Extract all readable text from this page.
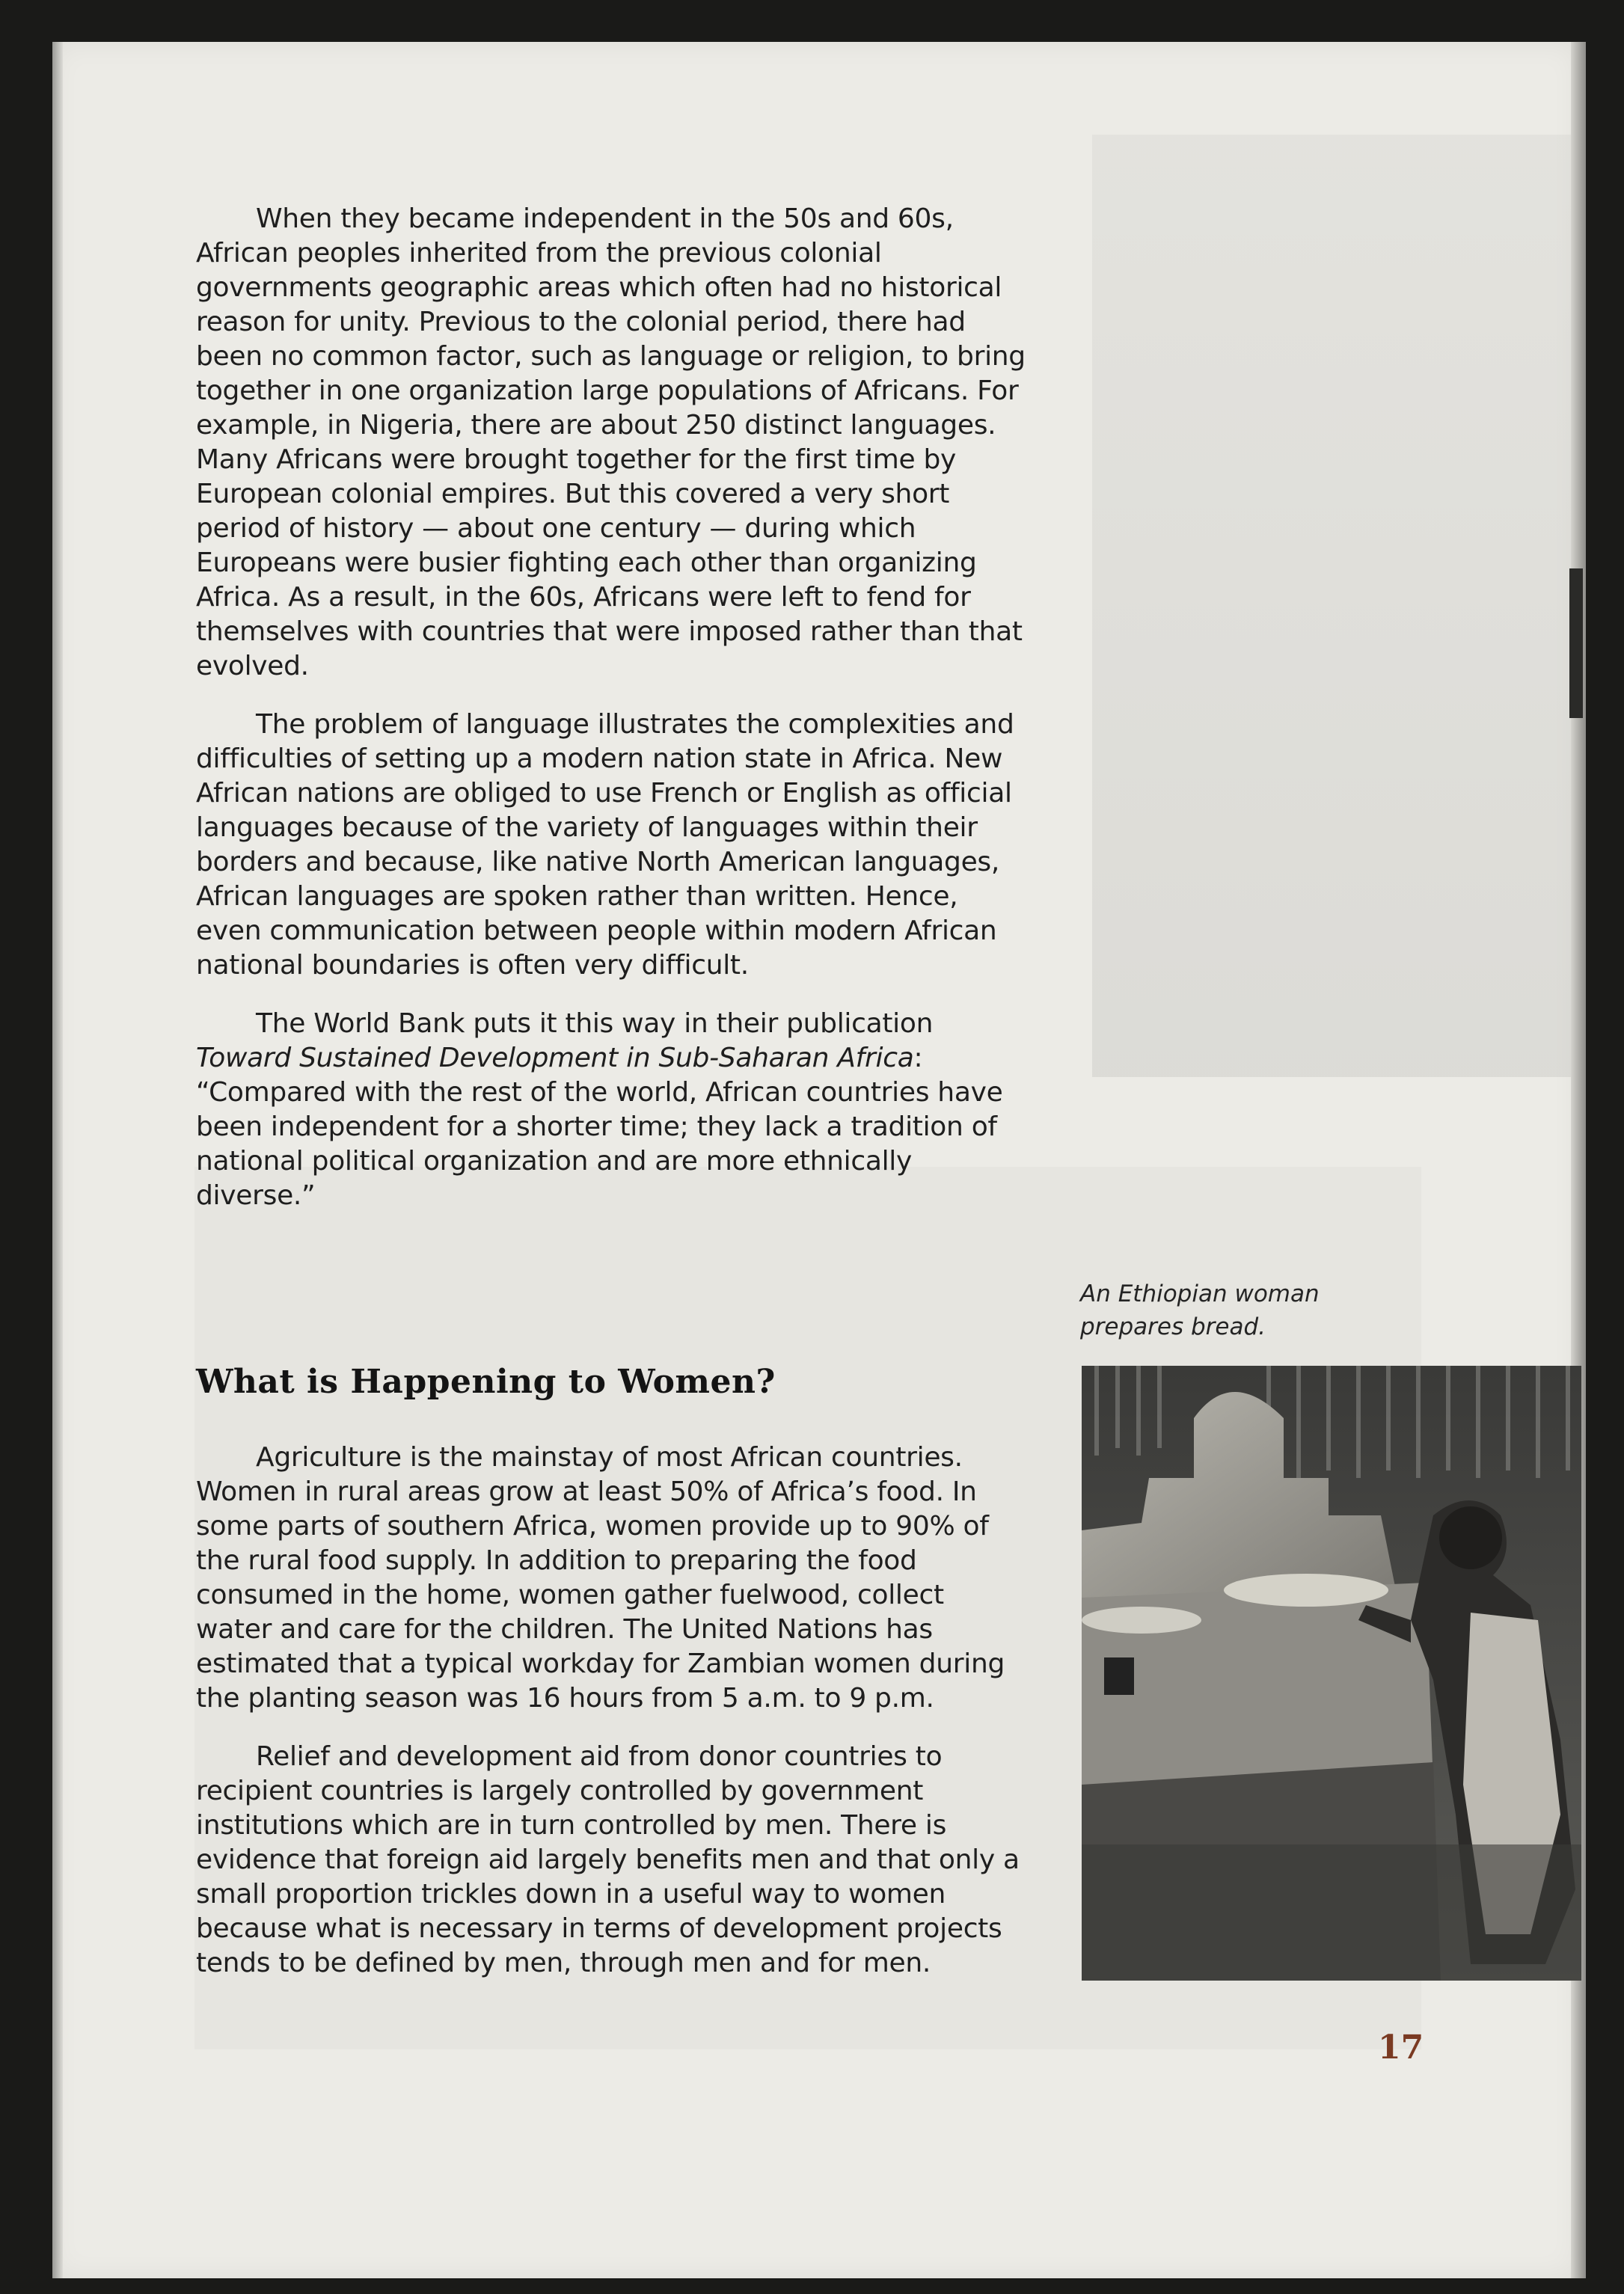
When they became independent in the 50s and 60s, African peoples inherited from the previous colonial governments geographic areas which often had no historical reason for unity. Previous to the colonial period, there had been no common factor, such as language or religion, to bring together in one organization large populations of Africans. For example, in Nigeria, there are about 250 distinct languages. Many Africans were brought together for the first time by European colonial empires. But this covered a very short period of history — about one century — during which Europeans were busier fighting each other than organizing Africa. As a result, in the 60s, Africans were left to fend for themselves with countries that were imposed rather than that evolved.

The problem of language illustrates the complexities and difficulties of setting up a modern nation state in Africa. New African nations are obliged to use French or English as official languages because of the variety of languages within their borders and because, like native North American languages, African languages are spoken rather than written. Hence, even communication between people within modern African national boundaries is often very difficult.

The World Bank puts it this way in their publication Toward Sustained Development in Sub-Saharan Africa: “Compared with the rest of the world, African countries have been independent for a shorter time; they lack a tradition of national political organization and are more ethnically diverse.”

What is Happening to Women?

Agriculture is the mainstay of most African countries. Women in rural areas grow at least 50% of Africa’s food. In some parts of southern Africa, women provide up to 90% of the rural food supply. In addition to preparing the food consumed in the home, women gather fuelwood, collect water and care for the children. The United Nations has estimated that a typical workday for Zambian women during the planting season was 16 hours from 5 a.m. to 9 p.m.

Relief and development aid from donor countries to recipient countries is largely controlled by government institutions which are in turn controlled by men. There is evidence that foreign aid largely benefits men and that only a small proportion trickles down in a useful way to women because what is necessary in terms of development projects tends to be defined by men, through men and for men.

An Ethiopian woman prepares bread.
17
